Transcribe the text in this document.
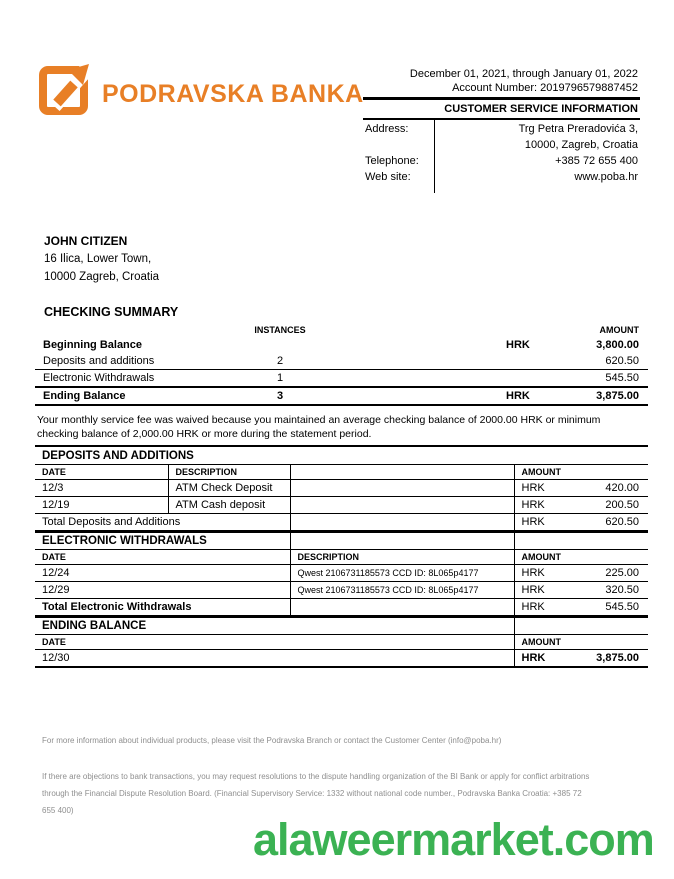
PODRAVSKA BANKA
December 01, 2021, through January 01, 2022
Account Number: 2019796579887452
CUSTOMER SERVICE INFORMATION
Address:	Trg Petra Preradovića 3,
10000, Zagreb, Croatia
Telephone:	+385 72 655 400
Web site:	www.poba.hr
JOHN CITIZEN
16 Ilica, Lower Town,
10000 Zagreb, Croatia
CHECKING SUMMARY
	INSTANCES			AMOUNT
Beginning Balance			HRK	3,800.00
Deposits and additions	2			620.50
Electronic Withdrawals	1			545.50
Ending Balance	3		HRK	3,875.00
Your monthly service fee was waived because you maintained an average checking balance of 2000.00 HRK or minimum checking balance of 2,000.00 HRK or more during the statement period.
DEPOSITS AND ADDITIONS
DATE	DESCRIPTION		AMOUNT
12/3	ATM Check Deposit		HRK 420.00

12/19	ATM Cash deposit		HRK 200.50

Total Deposits and Additions			HRK 620.50
ELECTRONIC WITHDRAWALS		
DATE	DESCRIPTION	AMOUNT
12/24	Qwest 2106731185573 CCD ID: 8L065p4177	HRK 225.00

12/29	Qwest 2106731185573 CCD ID: 8L065p4177	HRK 320.50

Total Electronic Withdrawals		HRK 545.50
ENDING BALANCE	
DATE	AMOUNT
12/30	HRK 3,875.00
For more information about individual products, please visit the Podravska Branch or contact the Customer Center (info@poba.hr)
If there are objections to bank transactions, you may request resolutions to the dispute handling organization of the BI Bank or apply for conflict arbitrations through the Financial Dispute Resolution Board. (Financial Supervisory Service: 1332 without national code number., Podravska Banka Croatia: +385 72 655 400)
alaweermarket.com
